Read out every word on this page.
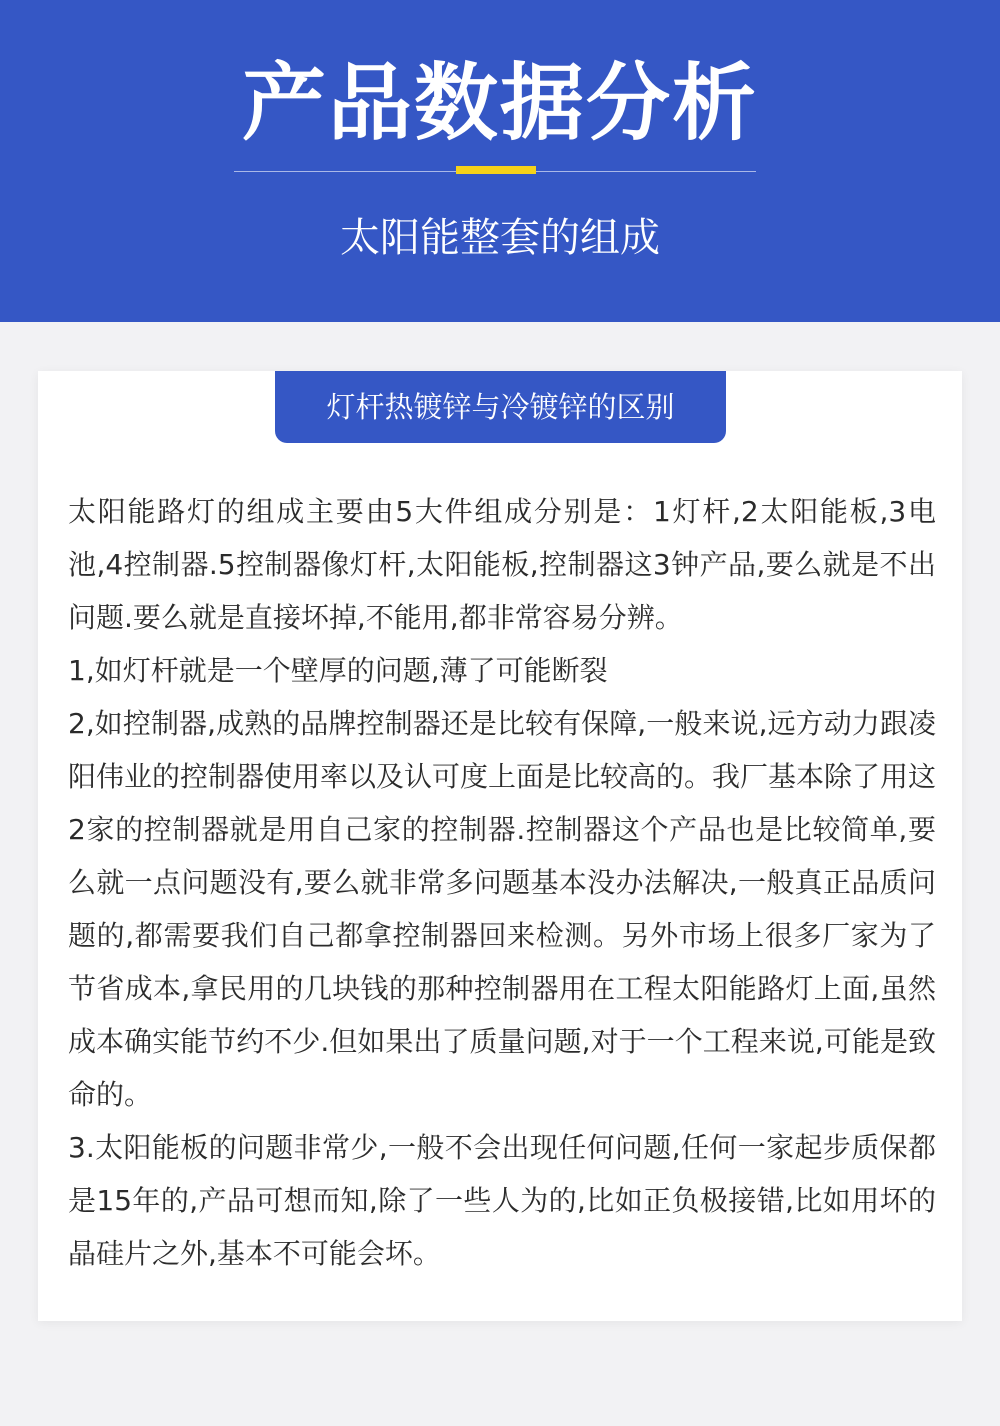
产品数据分析
太阳能整套的组成
灯杆热镀锌与冷镀锌的区别

太阳能路灯的组成主要由5大件组成分别是：1灯杆,2太阳能板,3电池,4控制器.5控制器像灯杆,太阳能板,控制器这3钟产品,要么就是不出问题.要么就是直接坏掉,不能用,都非常容易分辨。

1,如灯杆就是一个壁厚的问题,薄了可能断裂

2,如控制器,成熟的品牌控制器还是比较有保障,一般来说,远方动力跟凌阳伟业的控制器使用率以及认可度上面是比较高的。我厂基本除了用这2家的控制器就是用自己家的控制器.控制器这个产品也是比较简单,要么就一点问题没有,要么就非常多问题基本没办法解决,一般真正品质问题的,都需要我们自己都拿控制器回来检测。另外市场上很多厂家为了节省成本,拿民用的几块钱的那种控制器用在工程太阳能路灯上面,虽然成本确实能节约不少.但如果出了质量问题,对于一个工程来说,可能是致命的。

3.太阳能板的问题非常少,一般不会出现任何问题,任何一家起步质保都是15年的,产品可想而知,除了一些人为的,比如正负极接错,比如用坏的晶硅片之外,基本不可能会坏。
